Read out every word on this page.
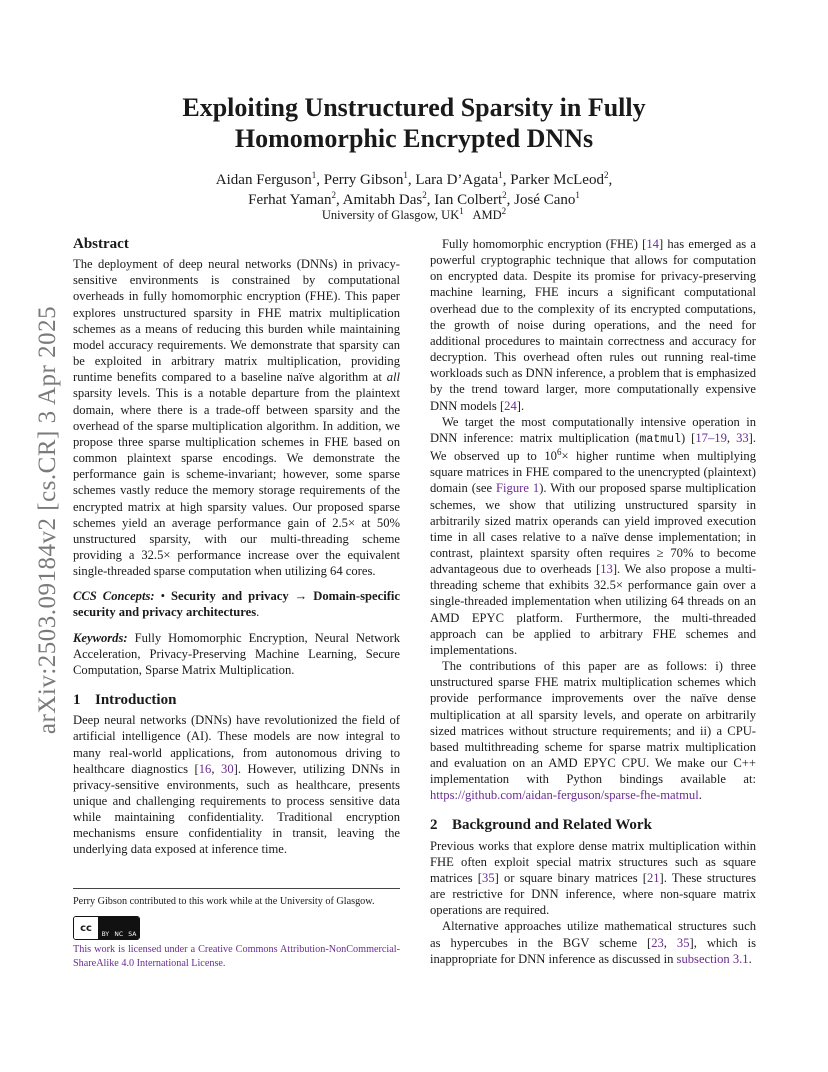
arXiv:2503.09184v2 [cs.CR] 3 Apr 2025
Exploiting Unstructured Sparsity in Fully
Homomorphic Encrypted DNNs
Aidan Ferguson$^1$, Perry Gibson$^1$, Lara D’Agata$^1$, Parker McLeod$^2$,
Ferhat Yaman$^2$, Amitabh Das$^2$, Ian Colbert$^2$, José Cano$^1$
University of Glasgow, $UK^1$ AMD$^2$
Abstract

The deployment of deep neural networks (DNNs) in privacy-sensitive environments is constrained by computational overheads in fully homomorphic encryption (FHE). This paper explores unstructured sparsity in FHE matrix multiplication schemes as a means of reducing this burden while maintaining model accuracy requirements. We demonstrate that sparsity can be exploited in arbitrary matrix multiplication, providing runtime benefits compared to a baseline naïve algorithm at all sparsity levels. This is a notable departure from the plaintext domain, where there is a trade-off between sparsity and the overhead of the sparse multiplication algorithm. In addition, we propose three sparse multiplication schemes in FHE based on common plaintext sparse encodings. We demonstrate the performance gain is scheme-invariant; however, some sparse schemes vastly reduce the memory storage requirements of the encrypted matrix at high sparsity values. Our proposed sparse schemes yield an average performance gain of 2.5× at 50% unstructured sparsity, with our multi-threading scheme providing a 32.5× performance increase over the equivalent single-threaded sparse computation when utilizing 64 cores.

CCS Concepts: • Security and privacy → Domain-specific security and privacy architectures.

Keywords: Fully Homomorphic Encryption, Neural Network Acceleration, Privacy-Preserving Machine Learning, Secure Computation, Sparse Matrix Multiplication.

1 Introduction

Deep neural networks (DNNs) have revolutionized the field of artificial intelligence (AI). These models are now integral to many real-world applications, from autonomous driving to healthcare diagnostics [16, 30]. However, utilizing DNNs in privacy-sensitive environments, such as healthcare, presents unique and challenging requirements to process sensitive data while maintaining confidentiality. Traditional encryption mechanisms ensure confidentiality in transit, leaving the underlying data exposed at inference time.

Perry Gibson contributed to this work while at the University of Glasgow.

cc
BY NC SA

This work is licensed under a Creative Commons Attribution-NonCommercial-ShareAlike 4.0 International License.

Fully homomorphic encryption (FHE) [14] has emerged as a powerful cryptographic technique that allows for computation on encrypted data. Despite its promise for privacy-preserving machine learning, FHE incurs a significant computational overhead due to the complexity of its encrypted computations, the growth of noise during operations, and the need for additional procedures to maintain correctness and accuracy for decryption. This overhead often rules out running real-time workloads such as DNN inference, a problem that is emphasized by the trend toward larger, more computationally expensive DNN models [24].

We target the most computationally intensive operation in DNN inference: matrix multiplication (matmul) [17–19, 33]. We observed up to $10^6\times$ higher runtime when multiplying square matrices in FHE compared to the unencrypted (plaintext) domain (see Figure 1). With our proposed sparse multiplication schemes, we show that utilizing unstructured sparsity in arbitrarily sized matrix operands can yield improved execution time in all cases relative to a naïve dense implementation; in contrast, plaintext sparsity often requires ≥ 70% to become advantageous due to overheads [13]. We also propose a multi-threading scheme that exhibits 32.5× performance gain over a single-threaded implementation when utilizing 64 threads on an AMD EPYC platform. Furthermore, the multi-threaded approach can be applied to arbitrary FHE schemes and implementations.

The contributions of this paper are as follows: i) three unstructured sparse FHE matrix multiplication schemes which provide performance improvements over the naïve dense multiplication at all sparsity levels, and operate on arbitrarily sized matrices without structure requirements; and ii) a CPU-based multithreading scheme for sparse matrix multiplication and evaluation on an AMD EPYC CPU. We make our C++ implementation with Python bindings available at: https://github.com/aidan-ferguson/sparse-fhe-matmul.

2 Background and Related Work

Previous works that explore dense matrix multiplication within FHE often exploit special matrix structures such as square matrices [35] or square binary matrices [21]. These structures are restrictive for DNN inference, where non-square matrix operations are required.

Alternative approaches utilize mathematical structures such as hypercubes in the BGV scheme [23, 35], which is inappropriate for DNN inference as discussed in subsection 3.1.
